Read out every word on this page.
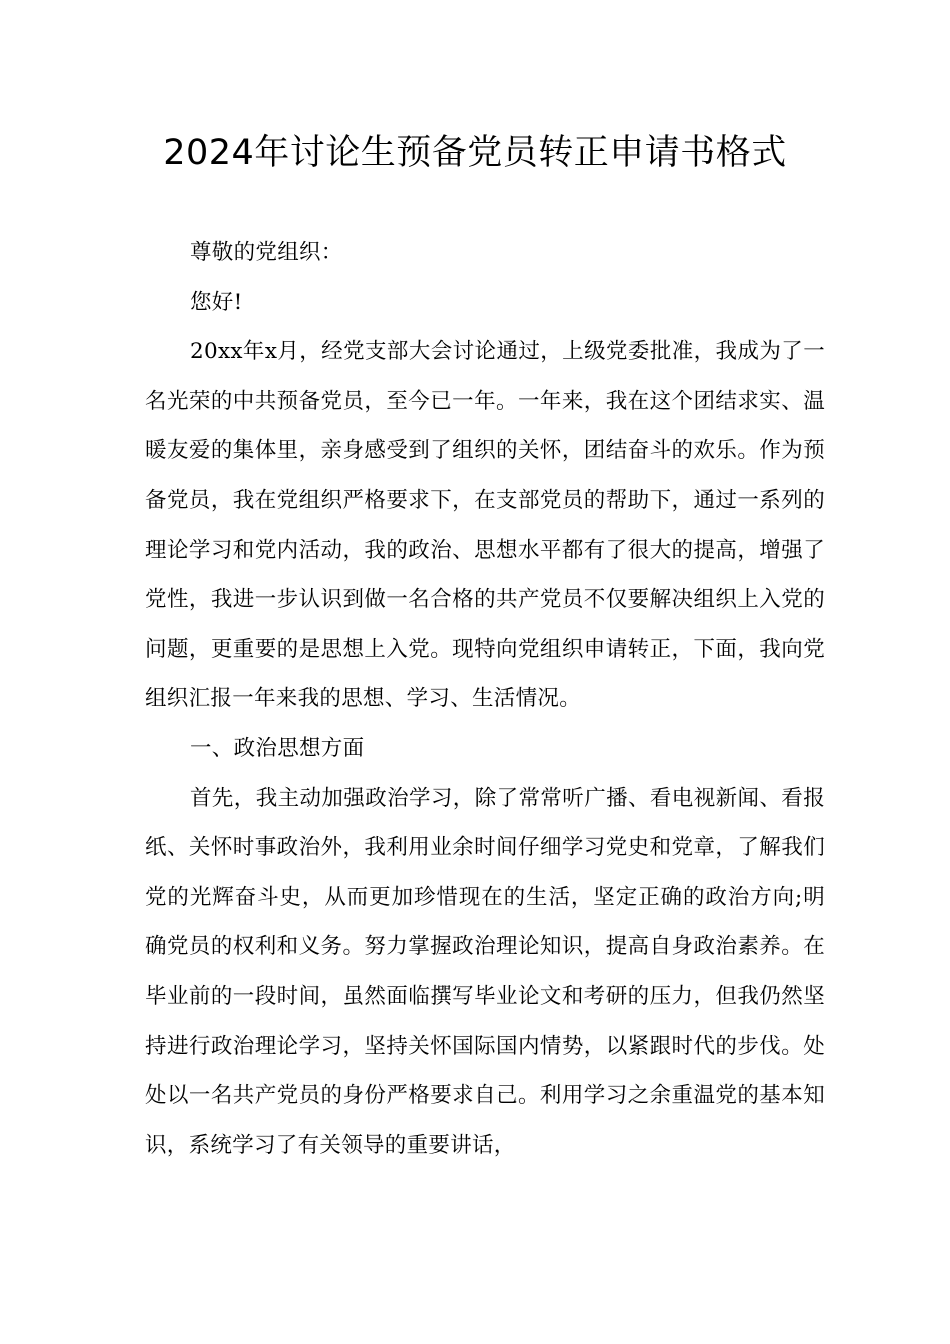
2024年讨论生预备党员转正申请书格式

尊敬的党组织：

您好!

20xx年x月，经党支部大会讨论通过，上级党委批准，我成为了一名光荣的中共预备党员，至今已一年。一年来，我在这个团结求实、温暖友爱的集体里，亲身感受到了组织的关怀，团结奋斗的欢乐。作为预备党员，我在党组织严格要求下，在支部党员的帮助下，通过一系列的理论学习和党内活动，我的政治、思想水平都有了很大的提高，增强了党性，我进一步认识到做一名合格的共产党员不仅要解决组织上入党的问题，更重要的是思想上入党。现特向党组织申请转正，下面，我向党组织汇报一年来我的思想、学习、生活情况。

一、政治思想方面

首先，我主动加强政治学习，除了常常听广播、看电视新闻、看报纸、关怀时事政治外，我利用业余时间仔细学习党史和党章，了解我们党的光辉奋斗史，从而更加珍惜现在的生活，坚定正确的政治方向;明确党员的权利和义务。努力掌握政治理论知识，提高自身政治素养。在毕业前的一段时间，虽然面临撰写毕业论文和考研的压力，但我仍然坚持进行政治理论学习，坚持关怀国际国内情势，以紧跟时代的步伐。处处以一名共产党员的身份严格要求自己。利用学习之余重温党的基本知识，系统学习了有关领导的重要讲话，
